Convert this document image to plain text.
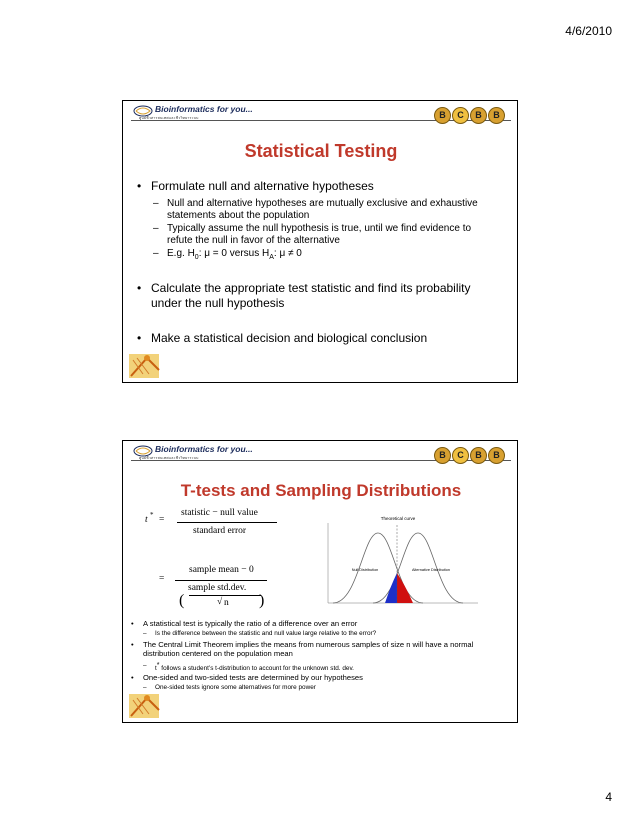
4/6/2010
Bioinformatics for you...
ศูนย์ชีวสารสนเทศและชีววิทยาระบบ	B	C	B	B
Statistical Testing
• Formulate null and alternative hypotheses
– Null and alternative hypotheses are mutually exclusive and exhaustive statements about the population
– Typically assume the null hypothesis is true, until we find evidence to refute the null in favor of the alternative
– E.g. $H_0$: μ = 0 versus $H_A$: μ ≠ 0
• Calculate the appropriate test statistic and find its probability under the null hypothesis
• Make a statistical decision and biological conclusion
Bioinformatics for you...
ศูนย์ชีวสารสนเทศและชีววิทยาระบบ	B	C	B	B
T-tests and Sampling Distributions
t * =
statistic − null value
standard error
=
sample mean − 0
(
sample std.dev.
√ n )
Theoretical curve
Null Distribution	Alternative Distribution
• A statistical test is typically the ratio of a difference over an error
– Is the difference between the statistic and null value large relative to the error?
• The Central Limit Theorem implies the means from numerous samples of size n will have a normal distribution centered on the population mean
– t* follows a student’s t-distribution to account for the unknown std. dev.
• One-sided and two-sided tests are determined by our hypotheses
– One-sided tests ignore some alternatives for more power
4
